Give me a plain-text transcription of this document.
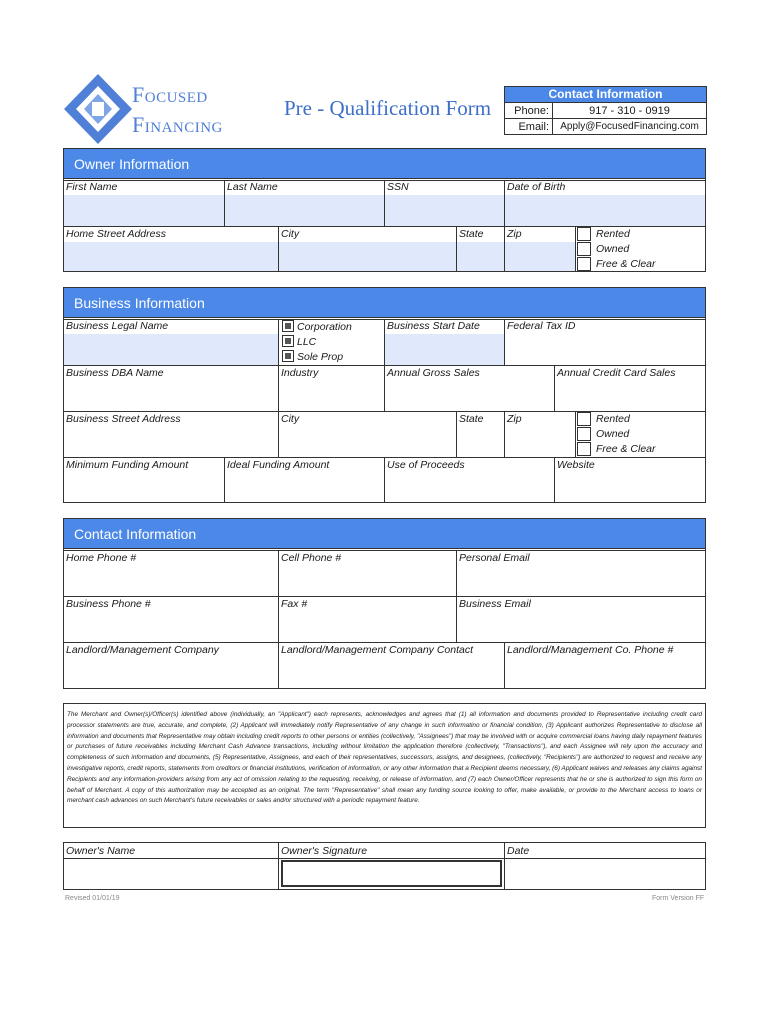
Focused
Financing
Pre - Qualification Form
Contact Information
Phone:	917 - 310 - 0919
Email:	Apply@FocusedFinancing.com
Owner Information
First Name	Last Name	SSN	Date of Birth
Home Street Address	City	State Zip	Rented
Owned
Free & Clear
Business Information
Business Legal Name	Corporation
LLC
Sole Prop
Business Start Date	Federal Tax ID
Business DBA Name	Industry	Annual Gross Sales	Annual Credit Card Sales
Business Street Address	City	State Zip	Rented
Owned
Free & Clear
Minimum Funding Amount	Ideal Funding Amount	Use of Proceeds	Website
Contact Information
Home Phone #	Cell Phone #	Personal Email
Business Phone #	Fax #	Business Email
Landlord/Management Company	Landlord/Management Company Contact	Landlord/Management Co. Phone #
The Merchant and Owner(s)/Officer(s) identified above (individually, an "Applicant") each represents, acknowledges and agrees that (1) all information and documents provided to Representative including credit card processor statements are true, accurate, and complete, (2) Applicant will immediately notify Representative of any change in such informatino or financial condition, (3) Applicant authorizes Representative to disclose all information and documents that Representative may obtain including credit reports to other persons or entities (collectively, "Assignees") that may be involved with or acquire commercial loans having daily repayment features or purchases of future receivables including Merchant Cash Advance transactions, including without limitation the application therefore (collectively, "Transactions"), and each Assignee will rely upon the accuracy and completeness of such information and documents, (5) Representative, Assignees, and each of their representatives, successors, assigns, and designees, (collectively, "Recipients") are authorized to request and receive any investigative reports, credit reports, statements from creditors or financial institutions, verification of information, or any other information that a Recipient deems necessary, (6) Applicant waives and releases any claims against Recipients and any information-providers arising from any act of omission relating to the requesting, receiving, or release of information, and (7) each Owner/Officer represents that he or she is authorized to sign this form on behalf of Merchant. A copy of this authorization may be accepted as an original. The term "Representative" shall mean any funding source looking to offer, make available, or provide to the Merchant access to loans or merchant cash advances on such Merchant's future receivables or sales and/or structured with a periodic repayment feature.
Owner's Name	Owner's Signature	Date
Revised 01/01/19	Form Version FF
